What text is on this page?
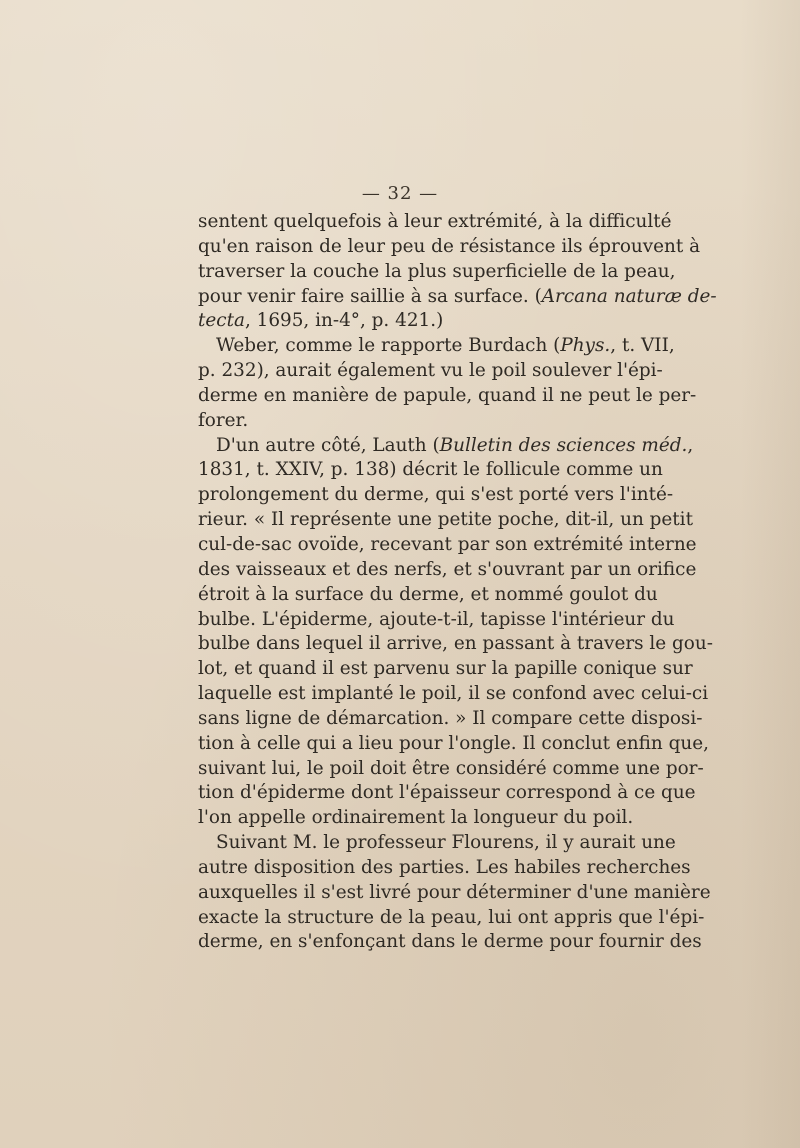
— 32 —
sentent quelquefois à leur extrémité, à la difficulté
qu'en raison de leur peu de résistance ils éprouvent à
traverser la couche la plus superficielle de la peau,
pour venir faire saillie à sa surface. (Arcana naturæ de-
tecta, 1695, in-4°, p. 421.)
Weber, comme le rapporte Burdach (Phys., t. VII,
p. 232), aurait également vu le poil soulever l'épi-
derme en manière de papule, quand il ne peut le per-
forer.
D'un autre côté, Lauth (Bulletin des sciences méd.,
1831, t. XXIV, p. 138) décrit le follicule comme un
prolongement du derme, qui s'est porté vers l'inté-
rieur. « Il représente une petite poche, dit-il, un petit
cul-de-sac ovoïde, recevant par son extrémité interne
des vaisseaux et des nerfs, et s'ouvrant par un orifice
étroit à la surface du derme, et nommé goulot du
bulbe. L'épiderme, ajoute-t-il, tapisse l'intérieur du
bulbe dans lequel il arrive, en passant à travers le gou-
lot, et quand il est parvenu sur la papille conique sur
laquelle est implanté le poil, il se confond avec celui-ci
sans ligne de démarcation. » Il compare cette disposi-
tion à celle qui a lieu pour l'ongle. Il conclut enfin que,
suivant lui, le poil doit être considéré comme une por-
tion d'épiderme dont l'épaisseur correspond à ce que
l'on appelle ordinairement la longueur du poil.
Suivant M. le professeur Flourens, il y aurait une
autre disposition des parties. Les habiles recherches
auxquelles il s'est livré pour déterminer d'une manière
exacte la structure de la peau, lui ont appris que l'épi-
derme, en s'enfonçant dans le derme pour fournir des
